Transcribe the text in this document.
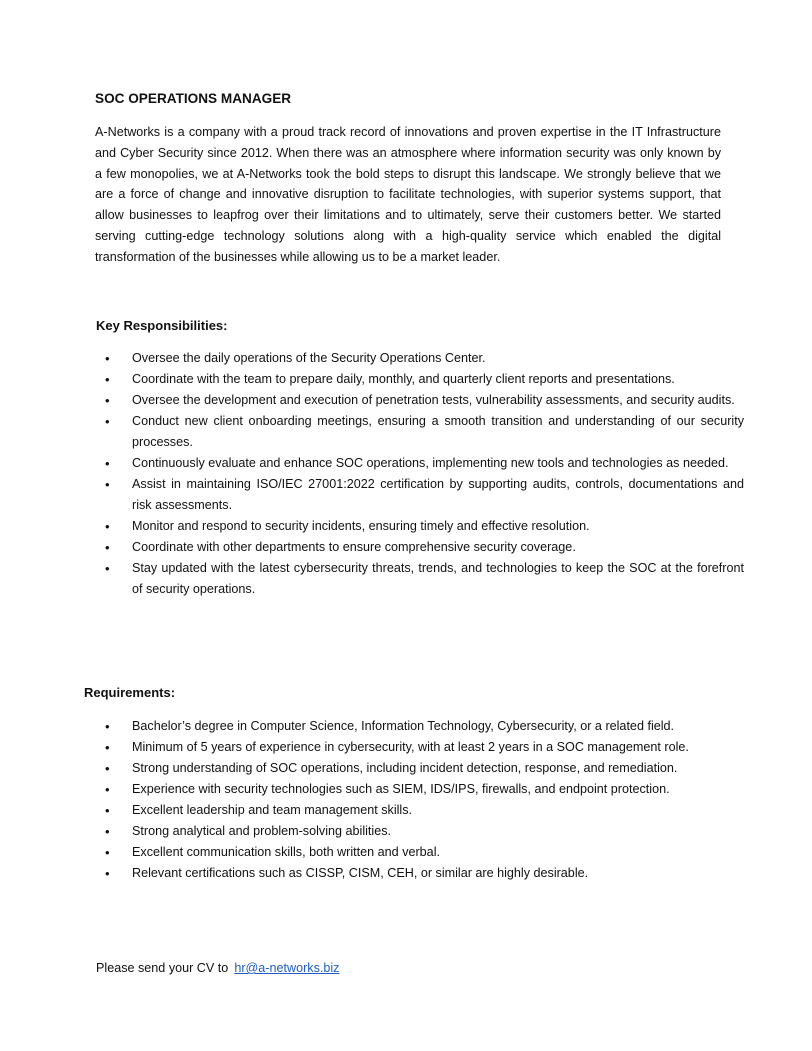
SOC OPERATIONS MANAGER

A-Networks is a company with a proud track record of innovations and proven expertise in the IT Infrastructure and Cyber Security since 2012. When there was an atmosphere where information security was only known by a few monopolies, we at A-Networks took the bold steps to disrupt this landscape. We strongly believe that we are a force of change and innovative disruption to facilitate technologies, with superior systems support, that allow businesses to leapfrog over their limitations and to ultimately, serve their customers better. We started serving cutting-edge technology solutions along with a high-quality service which enabled the digital transformation of the businesses while allowing us to be a market leader.

Key Responsibilities:
• Oversee the daily operations of the Security Operations Center.
• Coordinate with the team to prepare daily, monthly, and quarterly client reports and presentations.
• Oversee the development and execution of penetration tests, vulnerability assessments, and security audits.
• Conduct new client onboarding meetings, ensuring a smooth transition and understanding of our security processes.
• Continuously evaluate and enhance SOC operations, implementing new tools and technologies as needed.
• Assist in maintaining ISO/IEC 27001:2022 certification by supporting audits, controls, documentations and risk assessments.
• Monitor and respond to security incidents, ensuring timely and effective resolution.
• Coordinate with other departments to ensure comprehensive security coverage.
• Stay updated with the latest cybersecurity threats, trends, and technologies to keep the SOC at the forefront of security operations.
Requirements:
• Bachelor’s degree in Computer Science, Information Technology, Cybersecurity, or a related field.
• Minimum of 5 years of experience in cybersecurity, with at least 2 years in a SOC management role.
• Strong understanding of SOC operations, including incident detection, response, and remediation.
• Experience with security technologies such as SIEM, IDS/IPS, firewalls, and endpoint protection.
• Excellent leadership and team management skills.
• Strong analytical and problem-solving abilities.
• Excellent communication skills, both written and verbal.
• Relevant certifications such as CISSP, CISM, CEH, or similar are highly desirable.
Please send your CV to hr@a-networks.biz
